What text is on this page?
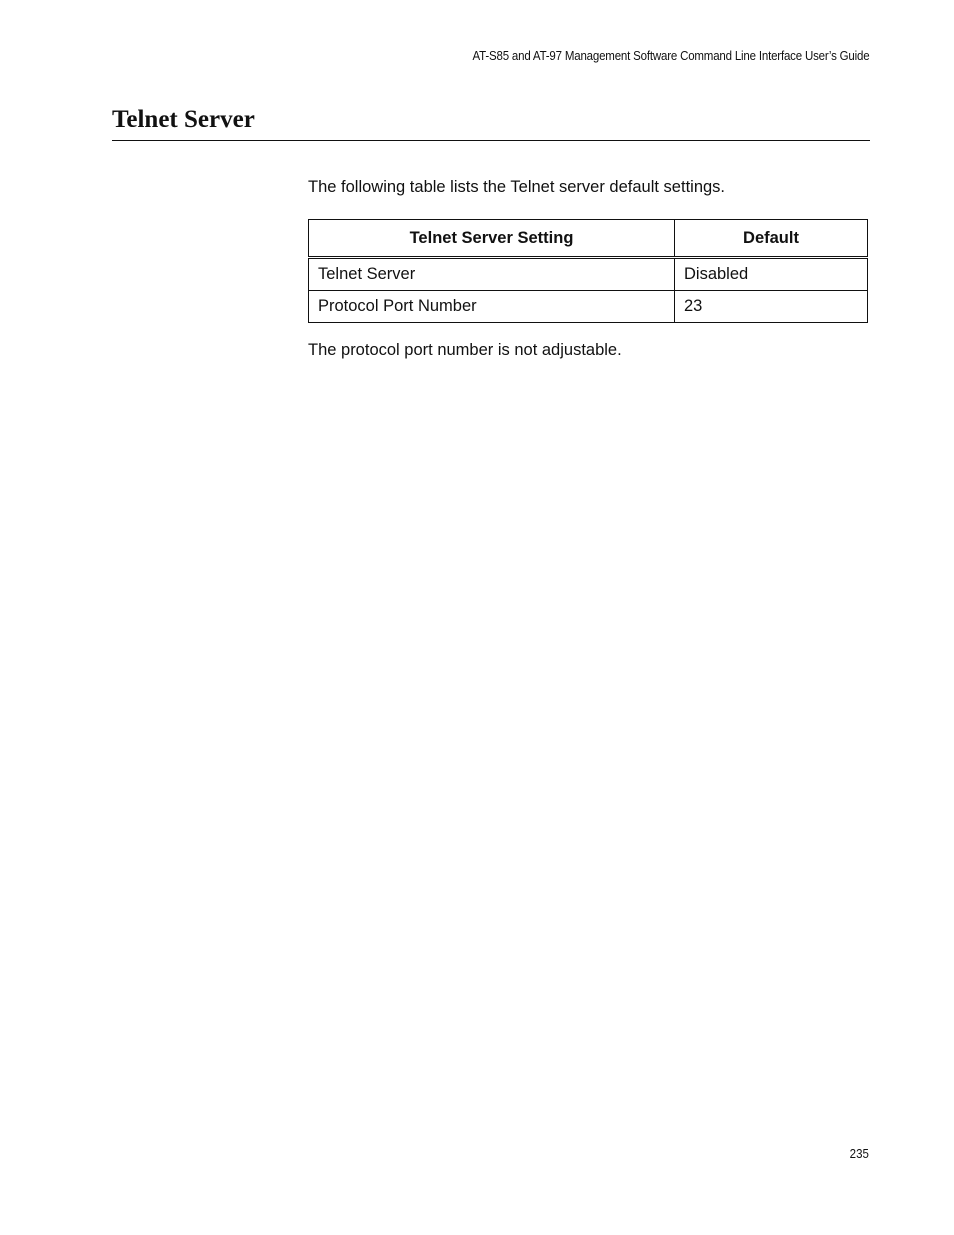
AT-S85 and AT-97 Management Software Command Line Interface User’s Guide
Telnet Server

The following table lists the Telnet server default settings.

Telnet Server Setting	Default
Telnet Server	Disabled
Protocol Port Number	23

The protocol port number is not adjustable.

235
